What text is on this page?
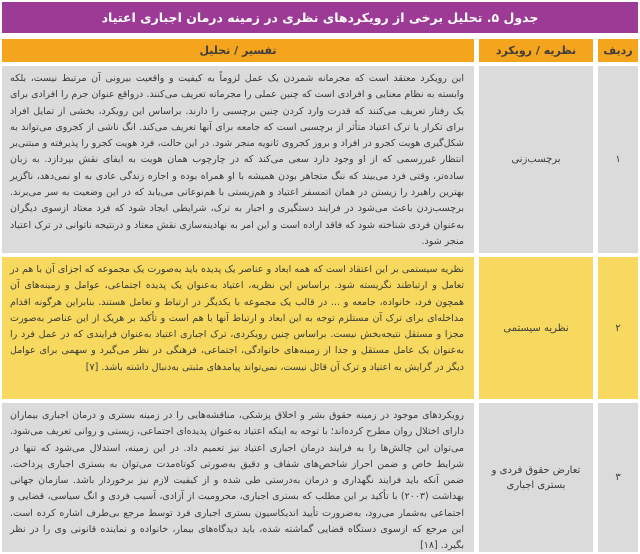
جدول ۵. تحلیل برخی از رویکردهای نظری در زمینه درمان اجباری اعتیاد
ردیف
نظریه / رویکرد
تفسیر / تحلیل
۱
برچسب‌زنی
این رویکرد معتقد است که مجرمانه شمردن یک عمل لزوماً به کیفیت و واقعیت بیرونی آن مرتبط نیست، بلکه وابسته به نظام معنایی و افرادی است که چنین عملی را مجرمانه تعریف می‌کنند. درواقع عنوان جرم را افرادی برای یک رفتار تعریف می‌کنند که قدرت وارد کردن چنین برچسبی را دارند. براساس این رویکرد، بخشی از تمایل افراد برای تکرار یا ترک اعتیاد متأثر از برچسبی است که جامعه برای آنها تعریف می‌کند. انگ ناشی از کجروی می‌تواند به شکل‌گیری هویت کجرو در افراد و بروز کجروی ثانویه منجر شود. در این حالت، فرد هویت کجرو را پذیرفته و مبتنی‌بر انتظار غیررسمی که از او وجود دارد سعی می‌کند که در چارچوب همان هویت به ایفای نقش بپردازد. به زبان ساده‌تر، وقتی فرد می‌بیند که ننگ متجاهر بودن همیشه با او همراه بوده و اجازه زندگی عادی به او نمی‌دهد، ناگزیر بهترین راهبرد را زیستن در همان اتمسفر اعتیاد و هم‌زیستی با هم‌نوعانی می‌یابد که در این وضعیت به سر می‌برند. برچسب‌زدن باعث می‌شود در فرایند دستگیری و اجبار به ترک، شرایطی ایجاد شود که فرد معتاد ازسوی دیگران به‌عنوان فردی شناخته شود که فاقد اراده است و این امر به نهادینه‌سازی نقش معتاد و درنتیجه ناتوانی در ترک اعتیاد منجر شود.
۲
نظریه سیستمی
نظریه سیستمی بر این اعتقاد است که همه ابعاد و عناصر یک پدیده باید به‌صورت یک مجموعه که اجزای آن با هم در تعامل و ارتباطند نگریسته شود. براساس این نظریه، اعتیاد به‌عنوان یک پدیده اجتماعی، عوامل و زمینه‌های آن همچون فرد، خانواده، جامعه و ... در قالب یک مجموعه با یکدیگر در ارتباط و تعامل هستند. بنابراین هرگونه اقدام مداخله‌ای برای ترک آن مستلزم توجه به این ابعاد و ارتباط آنها با هم است و تأکید بر هریک از این عناصر به‌صورت مجزا و مستقل نتیجه‌بخش نیست. براساس چنین رویکردی، ترک اجباری اعتیاد به‌عنوان فرایندی که در عمل فرد را به‌عنوان یک عامل مستقل و جدا از زمینه‌های خانوادگی، اجتماعی، فرهنگی در نظر می‌گیرد و سهمی برای عوامل دیگر در گرایش به اعتیاد و ترک آن قائل نیست، نمی‌تواند پیامدهای مثبتی به‌دنبال داشته باشد. [۷]
۳
تعارض حقوق فردی و بستری اجباری
رویکردهای موجود در زمینه حقوق بشر و اخلاق پزشکی، مناقشه‌هایی را در زمینه بستری و درمان اجباری بیماران دارای اختلال روان مطرح کرده‌اند؛ با توجه به اینکه اعتیاد به‌عنوان پدیده‌ای اجتماعی، زیستی و روانی تعریف می‌شود. می‌توان این چالش‌ها را به فرایند درمان اجباری اعتیاد نیز تعمیم داد. در این زمینه، استدلال می‌شود که تنها در شرایط خاص و ضمن احراز شاخص‌های شفاف و دقیق به‌صورتی کوتاه‌مدت می‌توان به بستری اجباری پرداخت. ضمن آنکه باید فرایند نگهداری و درمان به‌درستی طی شده و از کیفیت لازم نیز برخوردار باشد. سازمان جهانی بهداشت (۲۰۰۳) با تأکید بر این مطلب که بستری اجباری، محرومیت از آزادی، آسیب فردی و انگ سیاسی، قضایی و اجتماعی به‌شمار می‌رود، به‌ضرورت تأیید اندیکاسیون بستری اجباری فرد توسط مرجع بی‌طرف اشاره کرده است. این مرجع که ازسوی دستگاه قضایی گماشته شده، باید دیدگاه‌های بیمار، خانواده و نماینده قانونی وی را در نظر بگیرد. [۱۸]
